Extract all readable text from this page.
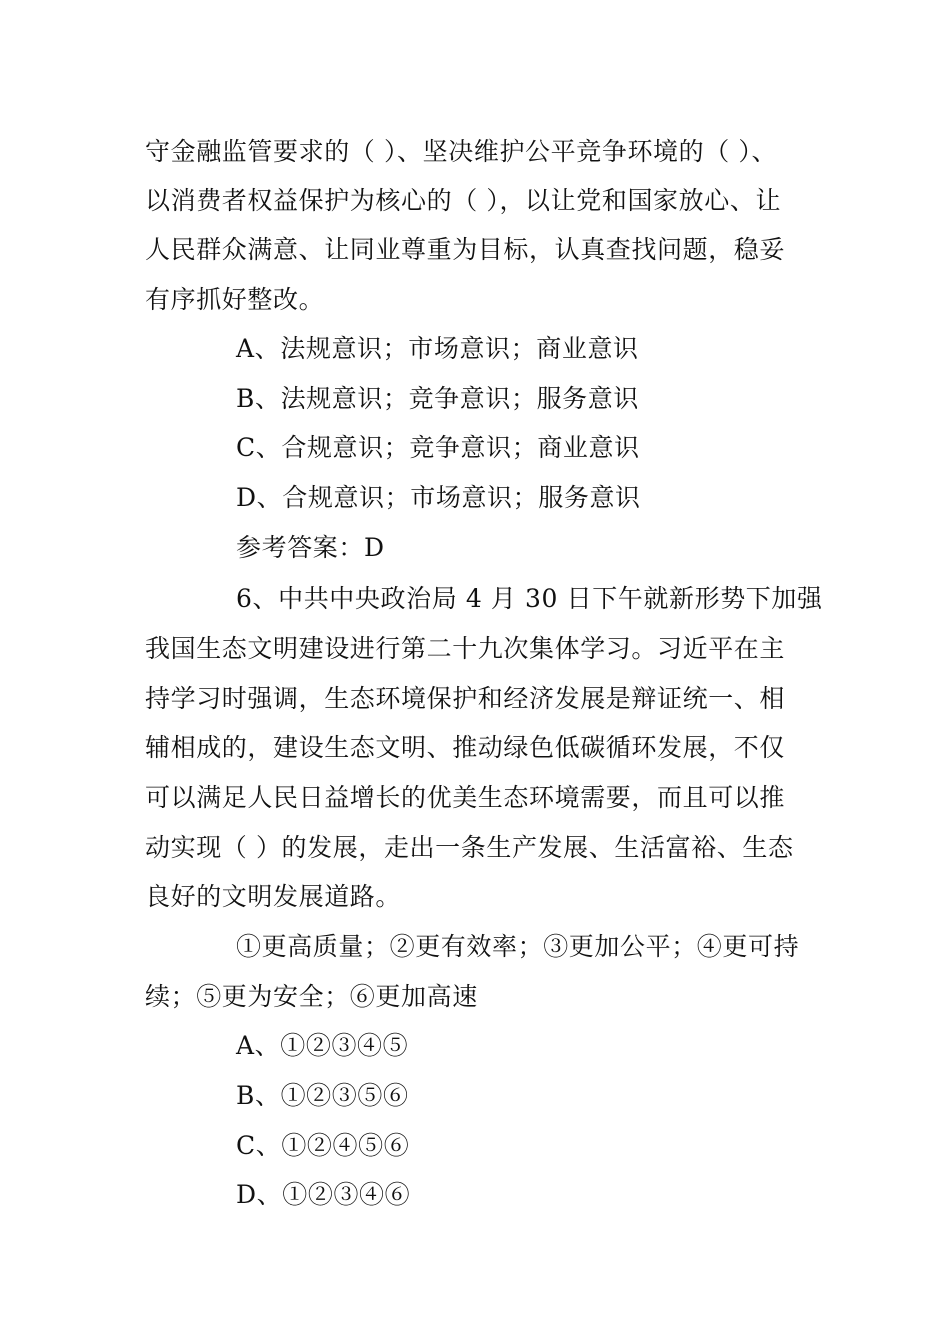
守金融监管要求的（ ）、坚决维护公平竞争环境的（ ）、
以消费者权益保护为核心的（ ），以让党和国家放心、让
人民群众满意、让同业尊重为目标，认真查找问题，稳妥
有序抓好整改。
A、法规意识；市场意识；商业意识
B、法规意识；竞争意识；服务意识
C、合规意识；竞争意识；商业意识
D、合规意识；市场意识；服务意识
参考答案：D
6、中共中央政治局 4 月 30 日下午就新形势下加强
我国生态文明建设进行第二十九次集体学习。习近平在主
持学习时强调，生态环境保护和经济发展是辩证统一、相
辅相成的，建设生态文明、推动绿色低碳循环发展，不仅
可以满足人民日益增长的优美生态环境需要，而且可以推
动实现（ ）的发展，走出一条生产发展、生活富裕、生态
良好的文明发展道路。
①更高质量；②更有效率；③更加公平；④更可持
续；⑤更为安全；⑥更加高速
A、①②③④⑤
B、①②③⑤⑥
C、①②④⑤⑥
D、①②③④⑥
